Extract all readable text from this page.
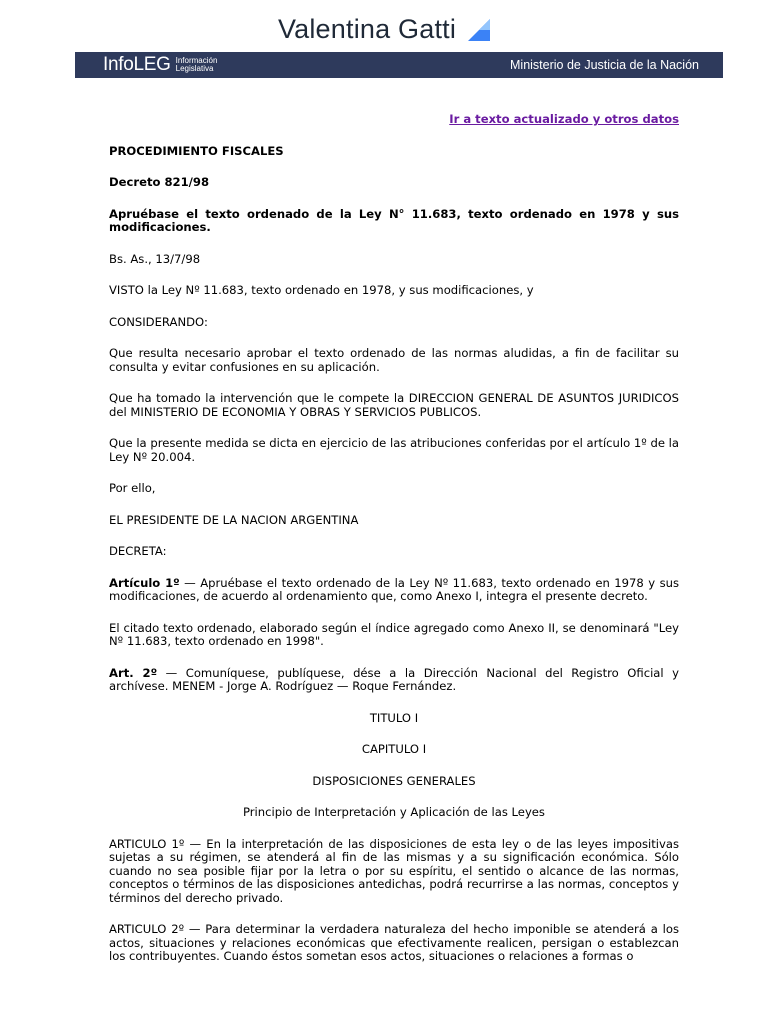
Valentina Gatti
InfoLEG Información
Legislativa	Ministerio de Justicia de la Nación
Ir a texto actualizado y otros datos

PROCEDIMIENTO FISCALES

Decreto 821/98

Apruébase el texto ordenado de la Ley N° 11.683, texto ordenado en 1978 y sus modificaciones.

Bs. As., 13/7/98

VISTO la Ley Nº 11.683, texto ordenado en 1978, y sus modificaciones, y

CONSIDERANDO:

Que resulta necesario aprobar el texto ordenado de las normas aludidas, a fin de facilitar su consulta y evitar confusiones en su aplicación.

Que ha tomado la intervención que le compete la DIRECCION GENERAL DE ASUNTOS JURIDICOS del MINISTERIO DE ECONOMIA Y OBRAS Y SERVICIOS PUBLICOS.

Que la presente medida se dicta en ejercicio de las atribuciones conferidas por el artículo 1º de la Ley Nº 20.004.

Por ello,

EL PRESIDENTE DE LA NACION ARGENTINA

DECRETA:

Artículo 1º — Apruébase el texto ordenado de la Ley Nº 11.683, texto ordenado en 1978 y sus modificaciones, de acuerdo al ordenamiento que, como Anexo I, integra el presente decreto.

El citado texto ordenado, elaborado según el índice agregado como Anexo II, se denominará "Ley Nº 11.683, texto ordenado en 1998".

Art. 2º — Comuníquese, publíquese, dése a la Dirección Nacional del Registro Oficial y archívese. MENEM - Jorge A. Rodríguez — Roque Fernández.

TITULO I

CAPITULO I

DISPOSICIONES GENERALES

Principio de Interpretación y Aplicación de las Leyes

ARTICULO 1º — En la interpretación de las disposiciones de esta ley o de las leyes impositivas sujetas a su régimen, se atenderá al fin de las mismas y a su significación económica. Sólo cuando no sea posible fijar por la letra o por su espíritu, el sentido o alcance de las normas, conceptos o términos de las disposiciones antedichas, podrá recurrirse a las normas, conceptos y términos del derecho privado.

ARTICULO 2º — Para determinar la verdadera naturaleza del hecho imponible se atenderá a los actos, situaciones y relaciones económicas que efectivamente realicen, persigan o establezcan los contribuyentes. Cuando éstos sometan esos actos, situaciones o relaciones a formas o
